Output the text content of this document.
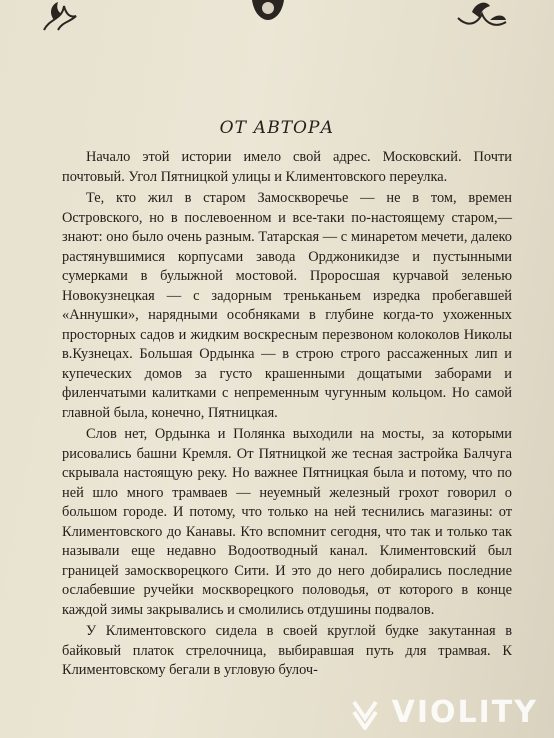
ОТ АВТОРА

Начало этой истории имело свой адрес. Московский. Почти почтовый. Угол Пятницкой улицы и Климентовского переулка.

Те, кто жил в старом Замоскворечье — не в том, времен Островского, но в послевоенном и все-таки по-настоящему старом,— знают: оно было очень разным. Татарская — с минаретом мечети, далеко растянувшимися корпусами завода Орджоникидзе и пустынными сумерками в булыжной мостовой. Проросшая курчавой зеленью Новокузнецкая — с задорным треньканьем изредка пробегавшей «Аннушки», нарядными особняками в глубине когда-то ухоженных просторных садов и жидким воскресным перезвоном колоколов Николы в.Кузнецах. Большая Ордынка — в строю строго рассаженных лип и купеческих домов за густо крашенными дощатыми заборами и филенчатыми калитками с непременным чугунным кольцом. Но самой главной была, конечно, Пятницкая.

Слов нет, Ордынка и Полянка выходили на мосты, за которыми рисовались башни Кремля. От Пятницкой же тесная застройка Балчуга скрывала настоящую реку. Но важнее Пятницкая была и потому, что по ней шло много трамваев — неуемный железный грохот говорил о большом городе. И потому, что только на ней теснились магазины: от Климентовского до Канавы. Кто вспомнит сегодня, что так и только так называли еще недавно Водоотводный канал. Климентовский был границей замоскворецкого Сити. И это до него добирались последние ослабевшие ручейки москворецкого половодья, от которого в конце каждой зимы закрывались и смолились отдушины подвалов.

У Климентовского сидела в своей круглой будке закутанная в байковый платок стрелочница, выбиравшая путь для трамвая. К Климентовскому бегали в угловую булоч-

VIOLITY
